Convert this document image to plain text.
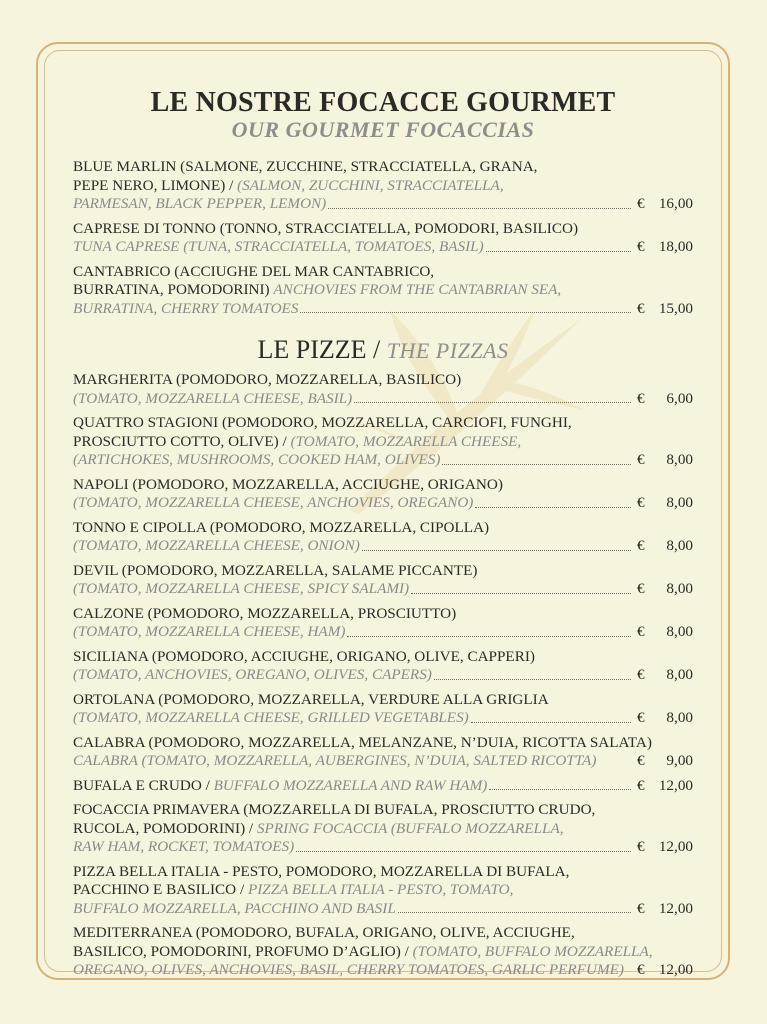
LE NOSTRE FOCACCE GOURMET
OUR GOURMET FOCACCIAS
BLUE MARLIN (SALMONE, ZUCCHINE, STRACCIATELLA, GRANA,
PEPE NERO, LIMONE) / (SALMON, ZUCCHINI, STRACCIATELLA,
PARMESAN, BLACK PEPPER, LEMON)	€ 16,00
CAPRESE DI TONNO (TONNO, STRACCIATELLA, POMODORI, BASILICO)
TUNA CAPRESE (TUNA, STRACCIATELLA, TOMATOES, BASIL)	€ 18,00
CANTABRICO (ACCIUGHE DEL MAR CANTABRICO,
BURRATINA, POMODORINI) ANCHOVIES FROM THE CANTABRIAN SEA,
BURRATINA, CHERRY TOMATOES	€ 15,00
LE PIZZE / THE PIZZAS
MARGHERITA (POMODORO, MOZZARELLA, BASILICO)
(TOMATO, MOZZARELLA CHEESE, BASIL)	€ 6,00
QUATTRO STAGIONI (POMODORO, MOZZARELLA, CARCIOFI, FUNGHI,
PROSCIUTTO COTTO, OLIVE) / (TOMATO, MOZZARELLA CHEESE,
(ARTICHOKES, MUSHROOMS, COOKED HAM, OLIVES)	€ 8,00
NAPOLI (POMODORO, MOZZARELLA, ACCIUGHE, ORIGANO)
(TOMATO, MOZZARELLA CHEESE, ANCHOVIES, OREGANO)	€ 8,00
TONNO E CIPOLLA (POMODORO, MOZZARELLA, CIPOLLA)
(TOMATO, MOZZARELLA CHEESE, ONION)	€ 8,00
DEVIL (POMODORO, MOZZARELLA, SALAME PICCANTE)
(TOMATO, MOZZARELLA CHEESE, SPICY SALAMI)	€ 8,00
CALZONE (POMODORO, MOZZARELLA, PROSCIUTTO)
(TOMATO, MOZZARELLA CHEESE, HAM)	€ 8,00
SICILIANA (POMODORO, ACCIUGHE, ORIGANO, OLIVE, CAPPERI)
(TOMATO, ANCHOVIES, OREGANO, OLIVES, CAPERS)	€ 8,00
ORTOLANA (POMODORO, MOZZARELLA, VERDURE ALLA GRIGLIA
(TOMATO, MOZZARELLA CHEESE, GRILLED VEGETABLES)	€ 8,00
CALABRA (POMODORO, MOZZARELLA, MELANZANE, N’DUIA, RICOTTA SALATA)
CALABRA (TOMATO, MOZZARELLA, AUBERGINES, N’DUIA, SALTED RICOTTA)	€ 9,00
BUFALA E CRUDO / BUFFALO MOZZARELLA AND RAW HAM)	€ 12,00
FOCACCIA PRIMAVERA (MOZZARELLA DI BUFALA, PROSCIUTTO CRUDO,
RUCOLA, POMODORINI) / SPRING FOCACCIA (BUFFALO MOZZARELLA,
RAW HAM, ROCKET, TOMATOES)	€ 12,00
PIZZA BELLA ITALIA - PESTO, POMODORO, MOZZARELLA DI BUFALA,
PACCHINO E BASILICO / PIZZA BELLA ITALIA - PESTO, TOMATO,
BUFFALO MOZZARELLA, PACCHINO AND BASIL	€ 12,00
MEDITERRANEA (POMODORO, BUFALA, ORIGANO, OLIVE, ACCIUGHE,
BASILICO, POMODORINI, PROFUMO D’AGLIO) / (TOMATO, BUFFALO MOZZARELLA,
OREGANO, OLIVES, ANCHOVIES, BASIL, CHERRY TOMATOES, GARLIC PERFUME) € 12,00
